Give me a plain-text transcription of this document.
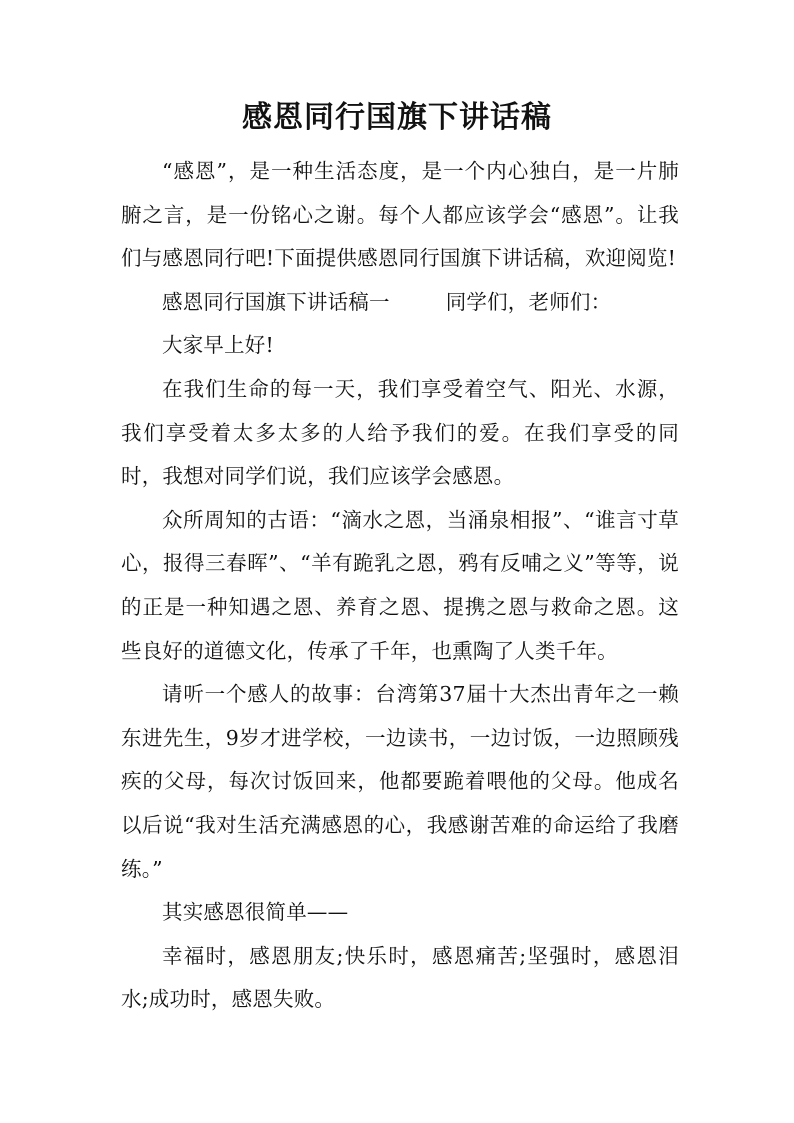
感恩同行国旗下讲话稿

“感恩”，是一种生活态度，是一个内心独白，是一片肺腑之言，是一份铭心之谢。每个人都应该学会“感恩”。让我们与感恩同行吧!下面提供感恩同行国旗下讲话稿，欢迎阅览!

感恩同行国旗下讲话稿一	同学们，老师们：

大家早上好!

在我们生命的每一天，我们享受着空气、阳光、水源，我们享受着太多太多的人给予我们的爱。在我们享受的同时，我想对同学们说，我们应该学会感恩。

众所周知的古语：“滴水之恩，当涌泉相报”、“谁言寸草心，报得三春晖”、“羊有跪乳之恩，鸦有反哺之义”等等，说的正是一种知遇之恩、养育之恩、提携之恩与救命之恩。这些良好的道德文化，传承了千年，也熏陶了人类千年。

请听一个感人的故事：台湾第37届十大杰出青年之一赖东进先生，9岁才进学校，一边读书，一边讨饭，一边照顾残疾的父母，每次讨饭回来，他都要跪着喂他的父母。他成名以后说“我对生活充满感恩的心，我感谢苦难的命运给了我磨练。”

其实感恩很简单——

幸福时，感恩朋友;快乐时，感恩痛苦;坚强时，感恩泪水;成功时，感恩失败。
